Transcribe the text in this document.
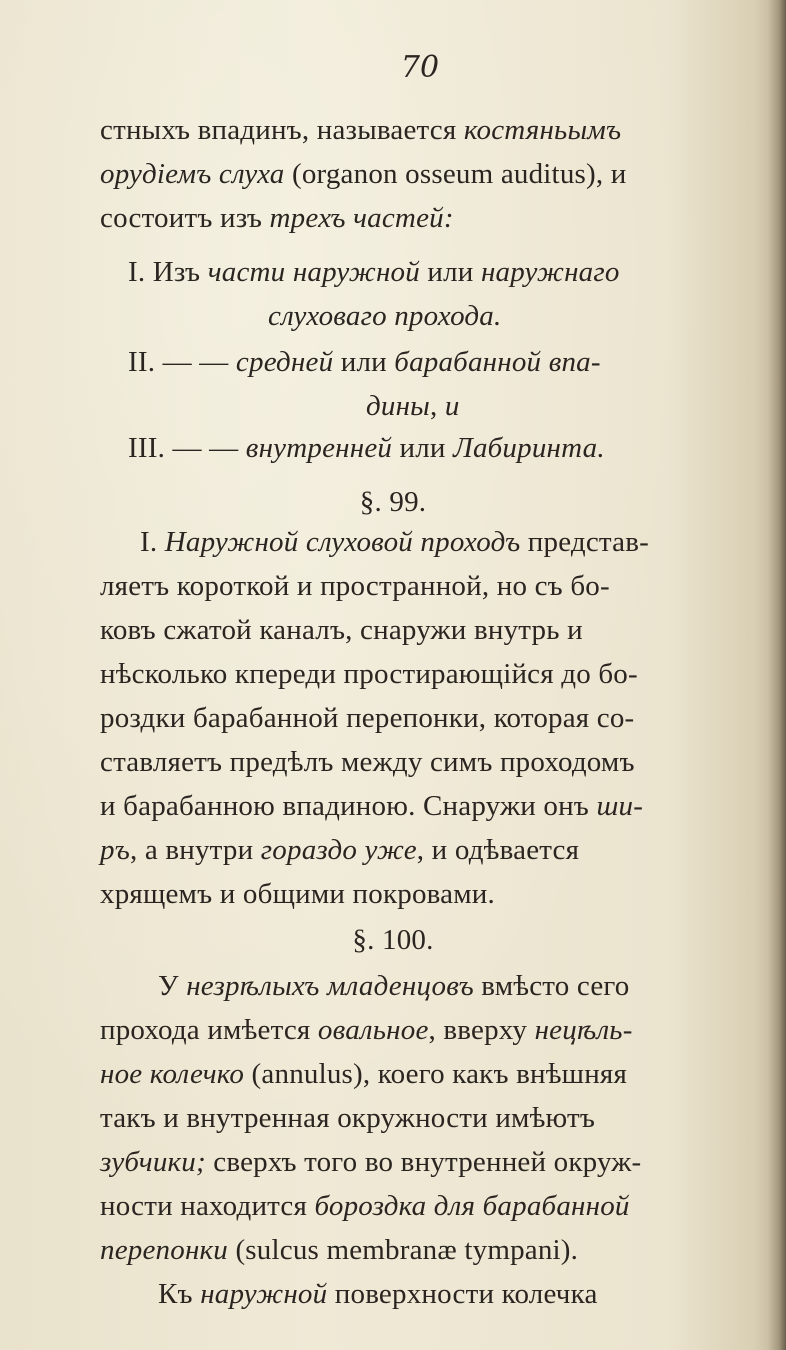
70
стныхъ впадинъ, называется костяньымъ
орудіемъ слуха (organon osseum auditus), и
состоитъ изъ трехъ частей:
I. Изъ части наружной или наружнаго
слуховаго прохода.
II. — — средней или барабанной впа-
дины, и
III. — — внутренней или Лабиринта.
§. 99.
I. Наружной слуховой проходъ представ-
ляетъ короткой и пространной, но съ бо-
ковъ сжатой каналъ, снаружи внутрь и
нѣсколько кпереди простирающійся до бо-
роздки барабанной перепонки, которая со-
ставляетъ предѣлъ между симъ проходомъ
и барабанною впадиною. Снаружи онъ ши-
ръ, а внутри гораздо уже, и одѣвается
хрящемъ и общими покровами.
§. 100.
У незрѣлыхъ младенцовъ вмѣсто сего
прохода имѣется овальное, вверху нецѣль-
ное колечко (annulus), коего какъ внѣшняя
такъ и внутренная окружности имѣютъ
зубчики; сверхъ того во внутренней окруж-
ности находится бороздка для барабанной
перепонки (sulcus membranæ tympani).
Къ наружной поверхности колечка
